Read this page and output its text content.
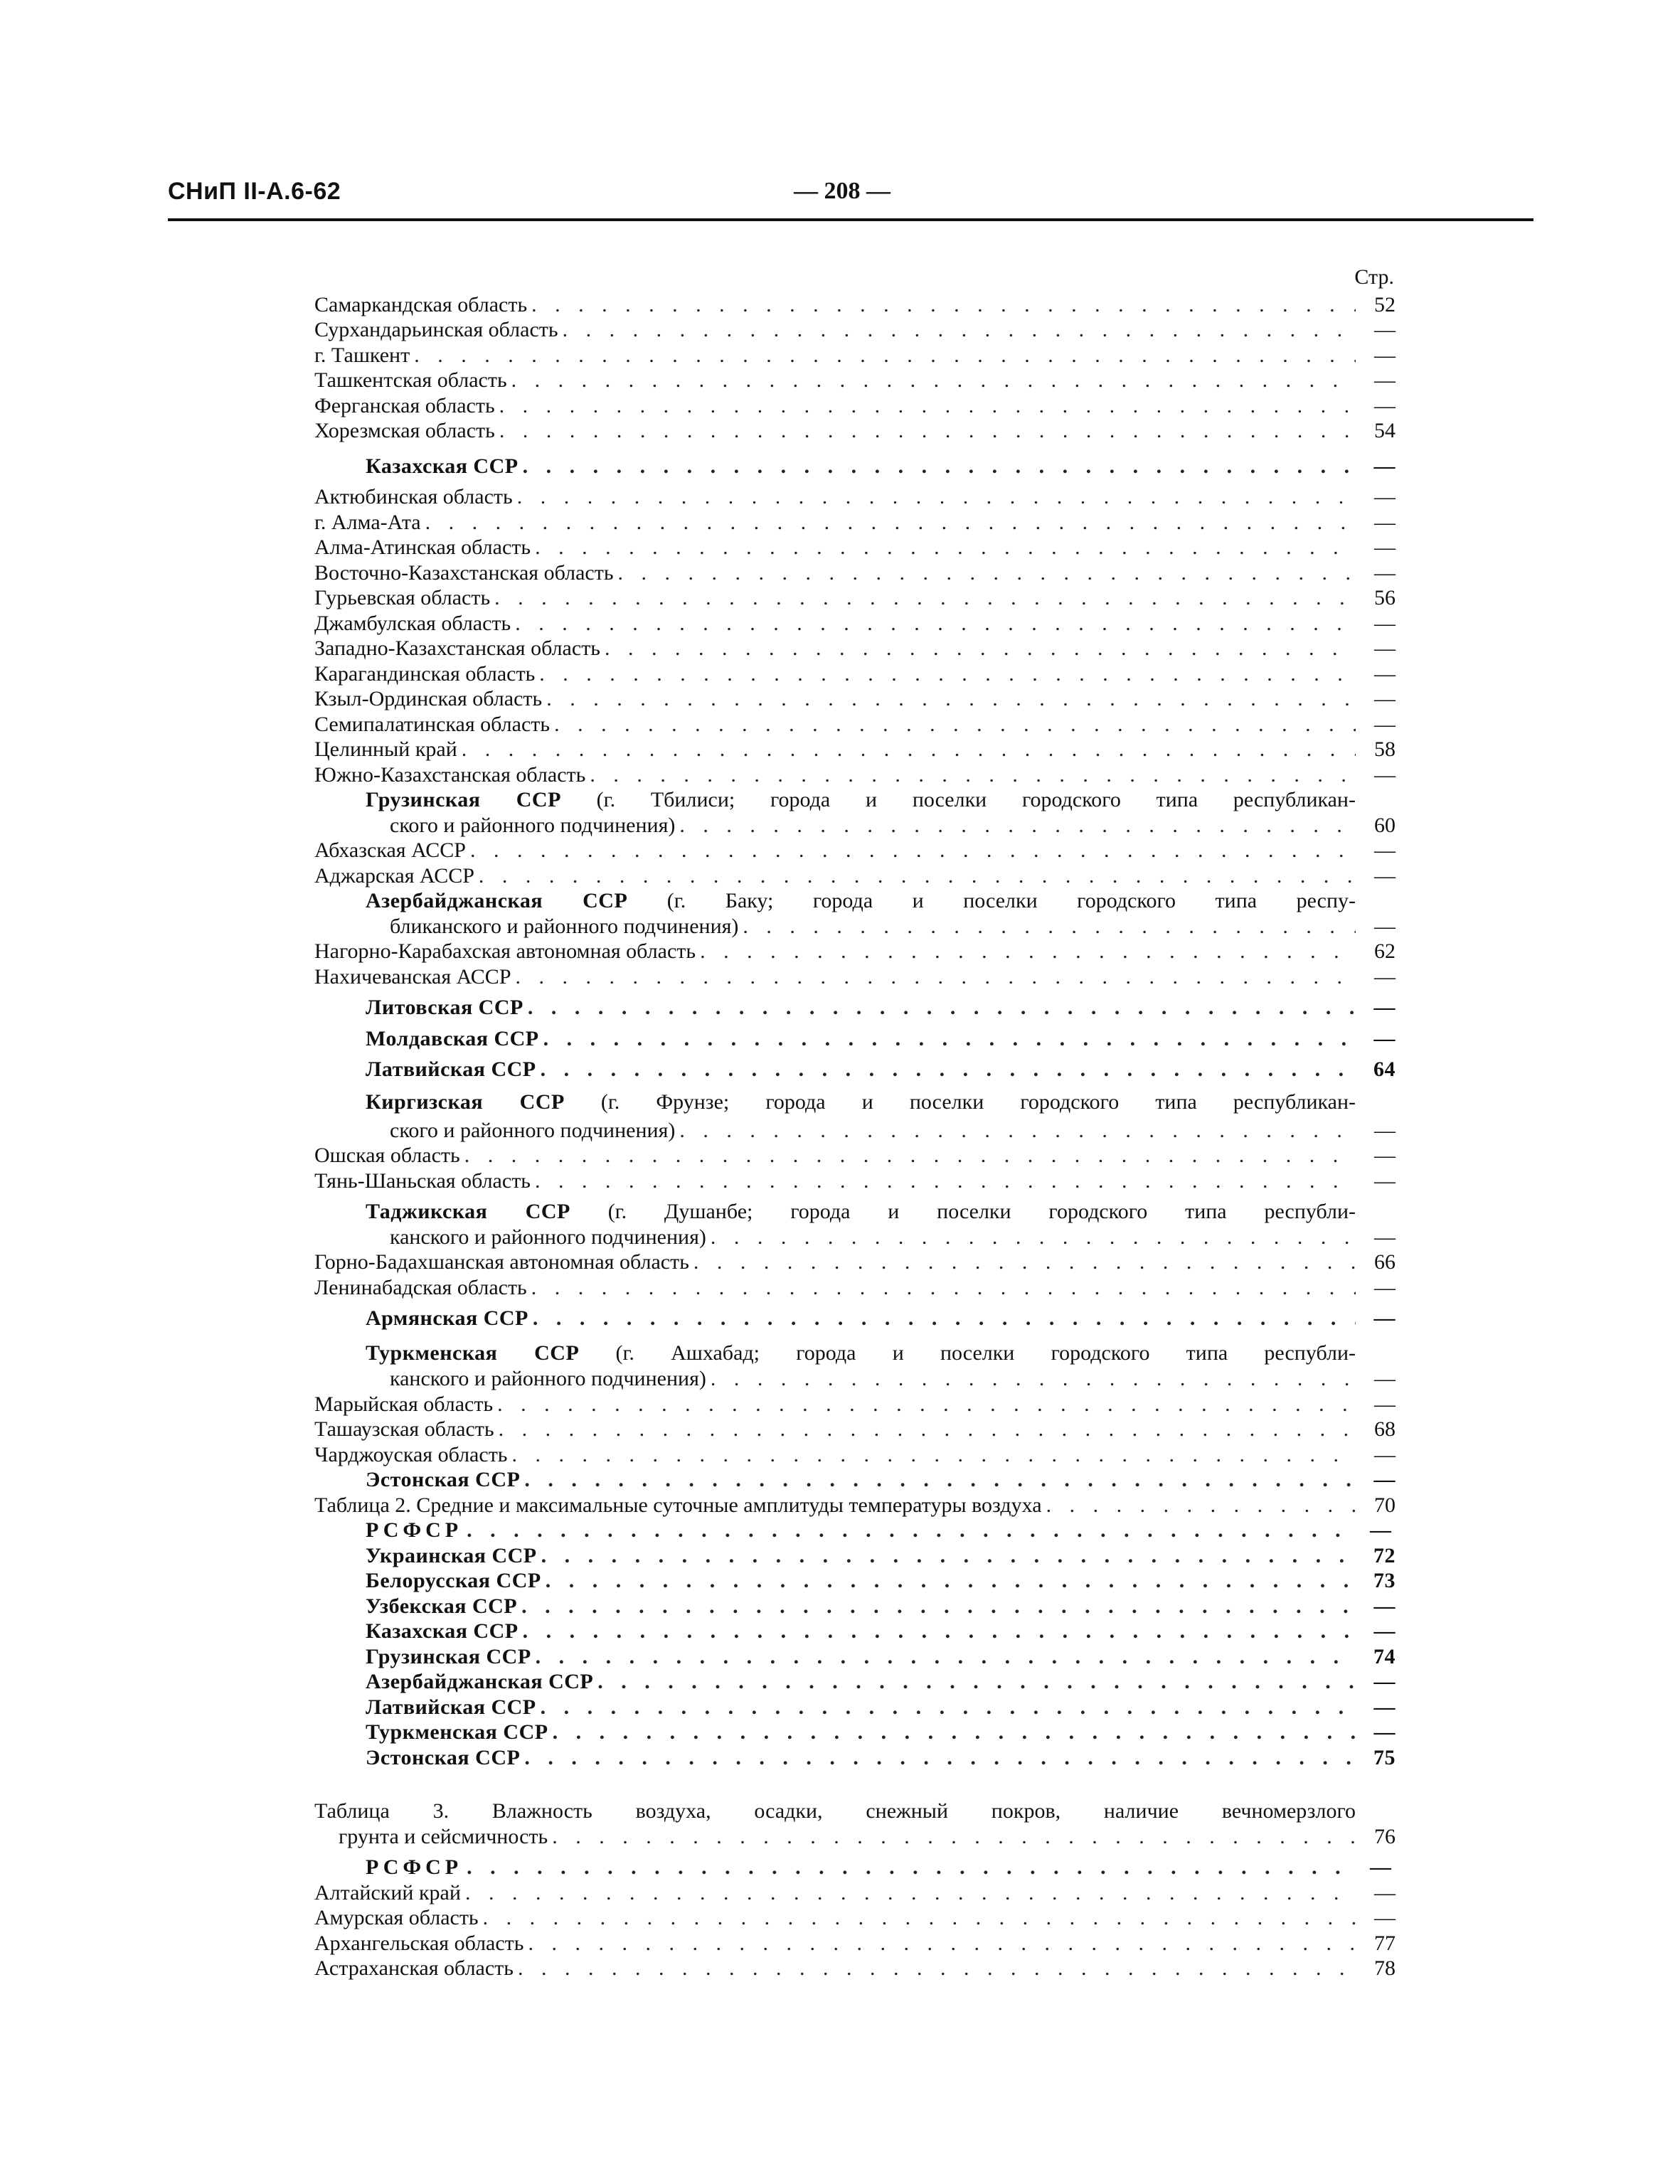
СНиП II-А.6-62	— 208 —
Стр.
Самаркандская область . . .	52
Сурхандарьинская область . . .	—
г. Ташкент . . .	—
Ташкентская область . . .	—
Ферганская область . . .	—
Хорезмская область . . .	54
Казахская ССР . . .	—
Актюбинская область . . .	—
г. Алма-Ата . . .	—
Алма-Атинская область . . .	—
Восточно-Казахстанская область . . .	—
Гурьевская область . . .	56
Джамбулская область . . .	—
Западно-Казахстанская область . . .	—
Карагандинская область . . .	—
Кзыл-Ординская область . . .	—
Семипалатинская область . . .	—
Целинный край . . .	58
Южно-Казахстанская область . . .	—
Грузинская ССР (г. Тбилиси; города и поселки городского типа республикан-
ского и районного подчинения) . . .	60
Абхазская АССР . . .	—
Аджарская АССР . . .	—
Азербайджанская ССР (г. Баку; города и поселки городского типа респу-
бликанского и районного подчинения) . . .	—
Нагорно-Карабахская автономная область . . .	62
Нахичеванская АССР . . .	—
Литовская ССР . . .	—
Молдавская ССР . . .	—
Латвийская ССР . . .	64
Киргизская ССР (г. Фрунзе; города и поселки городского типа республикан-
ского и районного подчинения) . . .	—
Ошская область . . .	—
Тянь-Шаньская область . . .	—
Таджикская ССР (г. Душанбе; города и поселки городского типа республи-
канского и районного подчинения) . . .	—
Горно-Бадахшанская автономная область . . .	66
Ленинабадская область . . .	—
Армянская ССР . . .	—
Туркменская ССР (г. Ашхабад; города и поселки городского типа республи-
канского и районного подчинения) . . .	—
Марыйская область . . .	—
Ташаузская область . . .	68
Чарджоуская область . . .	—
Эстонская ССР . . .	—
Таблица 2. Средние и максимальные суточные амплитуды температуры воздуха . . .	70
РСФСР . . .	—
Украинская ССР . . .	72
Белорусская ССР . . .	73
Узбекская ССР . . .	—
Казахская ССР . . .	—
Грузинская ССР . . .	74
Азербайджанская ССР . . .	—
Латвийская ССР . . .	—
Туркменская ССР . . .	—
Эстонская ССР . . .	75
Таблица 3. Влажность воздуха, осадки, снежный покров, наличие вечномерзлого
грунта и сейсмичность . . .	76
РСФСР . . .	—
Алтайский край . . .	—
Амурская область . . .	—
Архангельская область . . .	77
Астраханская область . . .	78
